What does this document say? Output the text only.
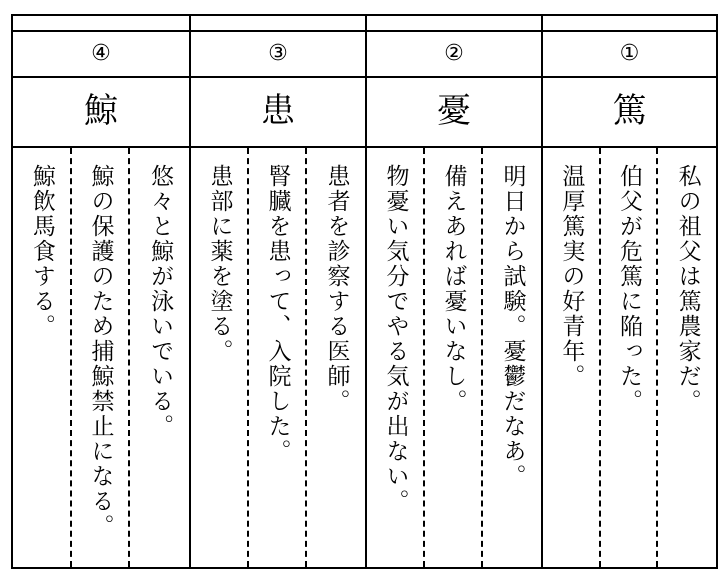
④
鯨
悠々と鯨が泳いでいる。
鯨の保護のため捕鯨禁止になる。
鯨飲馬食する。
③
患
患者を診察する医師。
腎臓を患って、入院した。
患部に薬を塗る。
②
憂
明日から試験。憂鬱だなあ。
備えあれば憂いなし。
物憂い気分でやる気が出ない。
①
篤
私の祖父は篤農家だ。
伯父が危篤に陥った。
温厚篤実の好青年。
